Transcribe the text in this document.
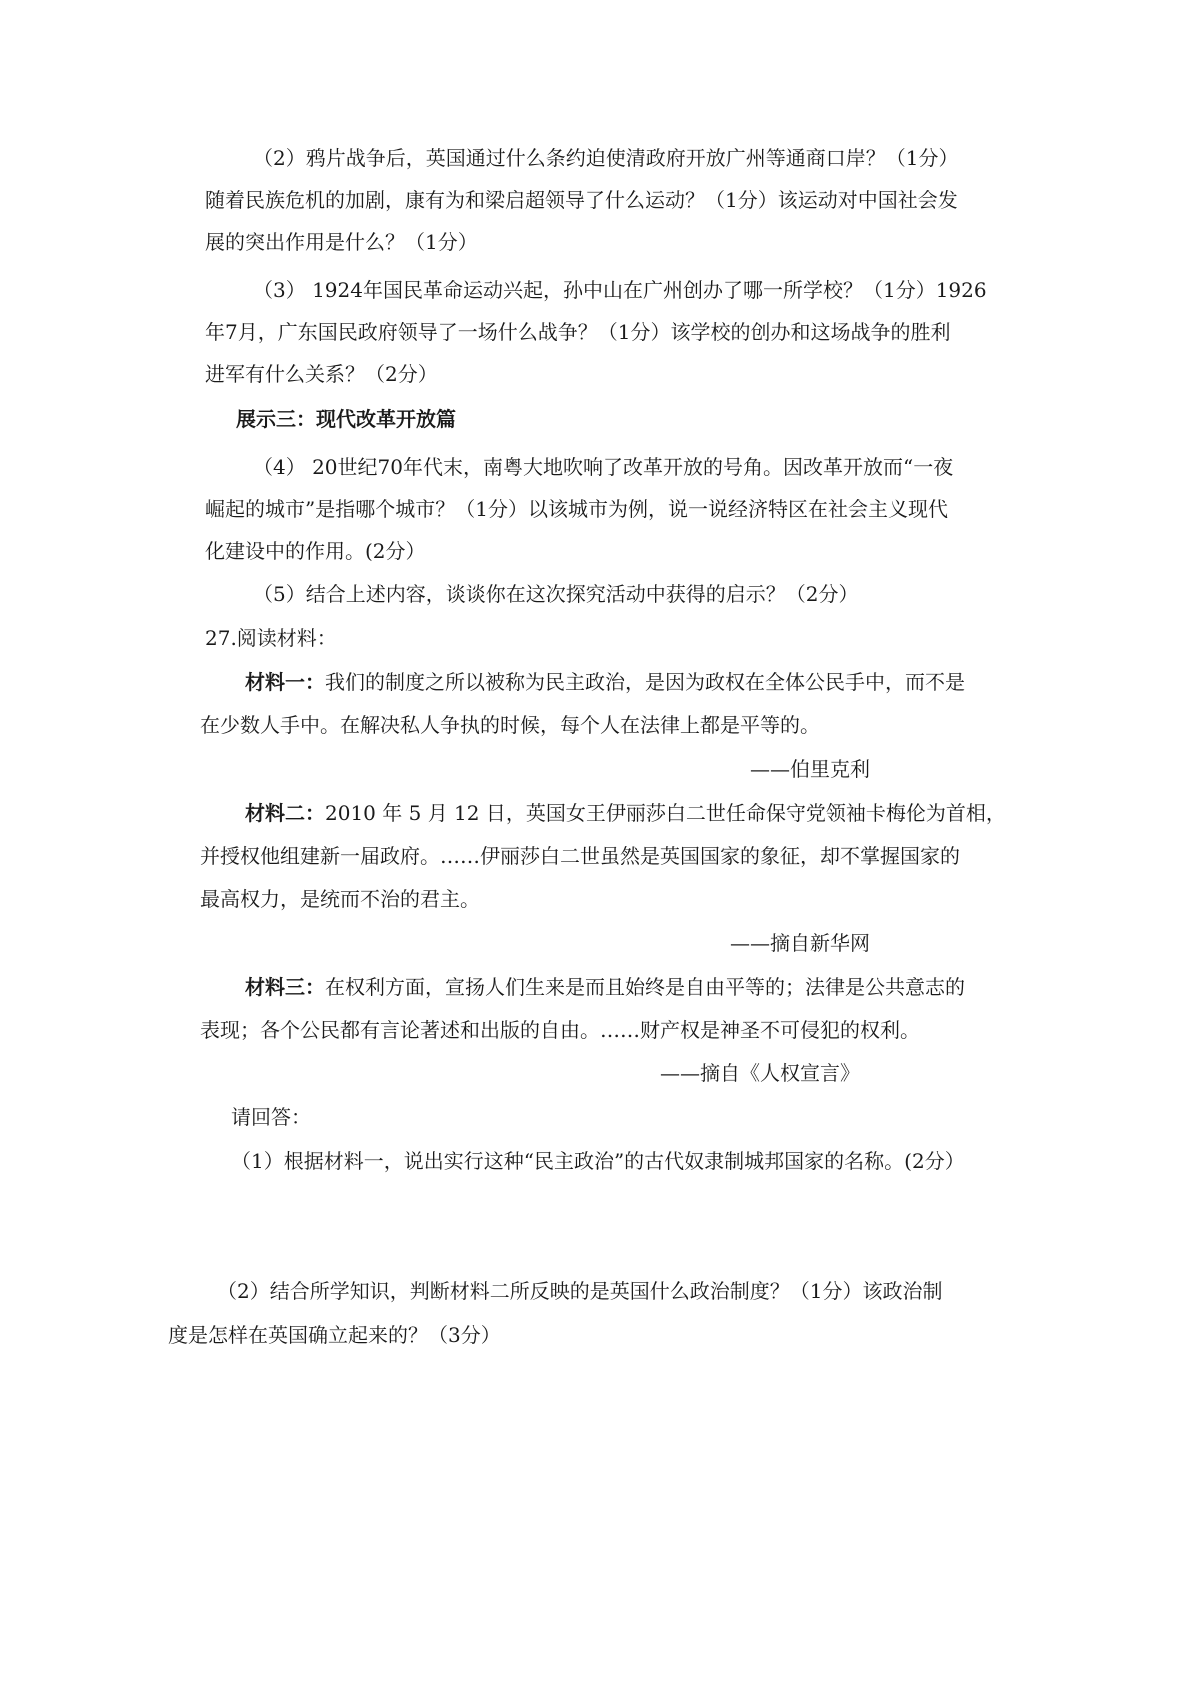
（2）鸦片战争后，英国通过什么条约迫使清政府开放广州等通商口岸？（1分）
随着民族危机的加剧，康有为和梁启超领导了什么运动？（1分）该运动对中国社会发
展的突出作用是什么？（1分）
（3） 1924年国民革命运动兴起，孙中山在广州创办了哪一所学校？（1分）1926
年7月，广东国民政府领导了一场什么战争？（1分）该学校的创办和这场战争的胜利
进军有什么关系？（2分）
展示三：现代改革开放篇
（4） 20世纪70年代末，南粤大地吹响了改革开放的号角。因改革开放而“一夜
崛起的城市”是指哪个城市？（1分）以该城市为例，说一说经济特区在社会主义现代
化建设中的作用。(2分）
（5）结合上述内容，谈谈你在这次探究活动中获得的启示？（2分）
27.阅读材料：
材料一：我们的制度之所以被称为民主政治，是因为政权在全体公民手中，而不是
在少数人手中。在解决私人争执的时候，每个人在法律上都是平等的。
——伯里克利
材料二：2010 年 5 月 12 日，英国女王伊丽莎白二世任命保守党领袖卡梅伦为首相，
并授权他组建新一届政府。……伊丽莎白二世虽然是英国国家的象征，却不掌握国家的
最高权力，是统而不治的君主。
——摘自新华网
材料三：在权利方面，宣扬人们生来是而且始终是自由平等的；法律是公共意志的
表现；各个公民都有言论著述和出版的自由。……财产权是神圣不可侵犯的权利。
——摘自《人权宣言》
请回答：
（1）根据材料一，说出实行这种“民主政治”的古代奴隶制城邦国家的名称。(2分）
（2）结合所学知识，判断材料二所反映的是英国什么政治制度？（1分）该政治制
度是怎样在英国确立起来的？（3分）
